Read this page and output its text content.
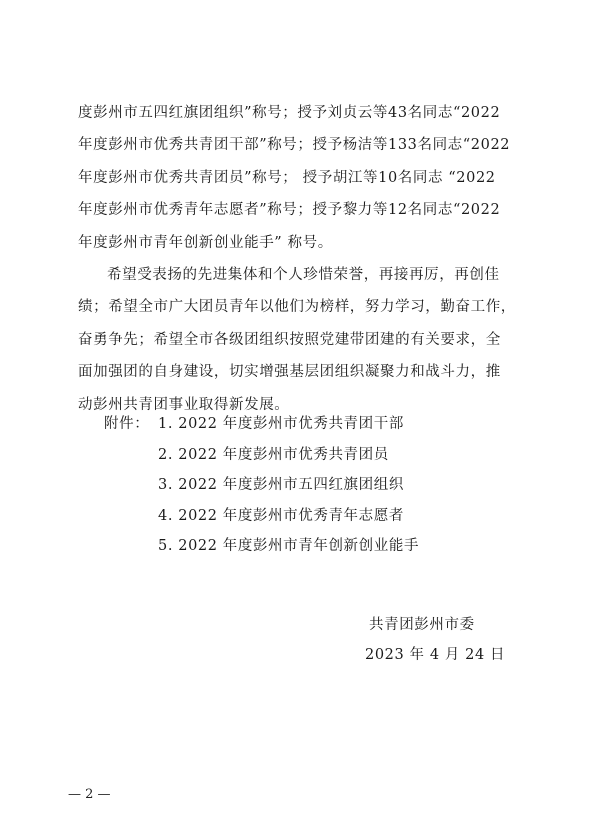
度彭州市五四红旗团组织”称号；授予刘贞云等43名同志“2022
年度彭州市优秀共青团干部”称号；授予杨洁等133名同志“2022
年度彭州市优秀共青团员”称号； 授予胡江等10名同志 “2022
年度彭州市优秀青年志愿者”称号；授予黎力等12名同志“2022
年度彭州市青年创新创业能手” 称号。
希望受表扬的先进集体和个人珍惜荣誉，再接再厉，再创佳
绩；希望全市广大团员青年以他们为榜样，努力学习，勤奋工作，
奋勇争先；希望全市各级团组织按照党建带团建的有关要求，全
面加强团的自身建设，切实增强基层团组织凝聚力和战斗力，推
动彭州共青团事业取得新发展。
附件： 1. 2022 年度彭州市优秀共青团干部
2. 2022 年度彭州市优秀共青团员
3. 2022 年度彭州市五四红旗团组织
4. 2022 年度彭州市优秀青年志愿者
5. 2022 年度彭州市青年创新创业能手
共青团彭州市委
2023 年 4 月 24 日
— 2 —
